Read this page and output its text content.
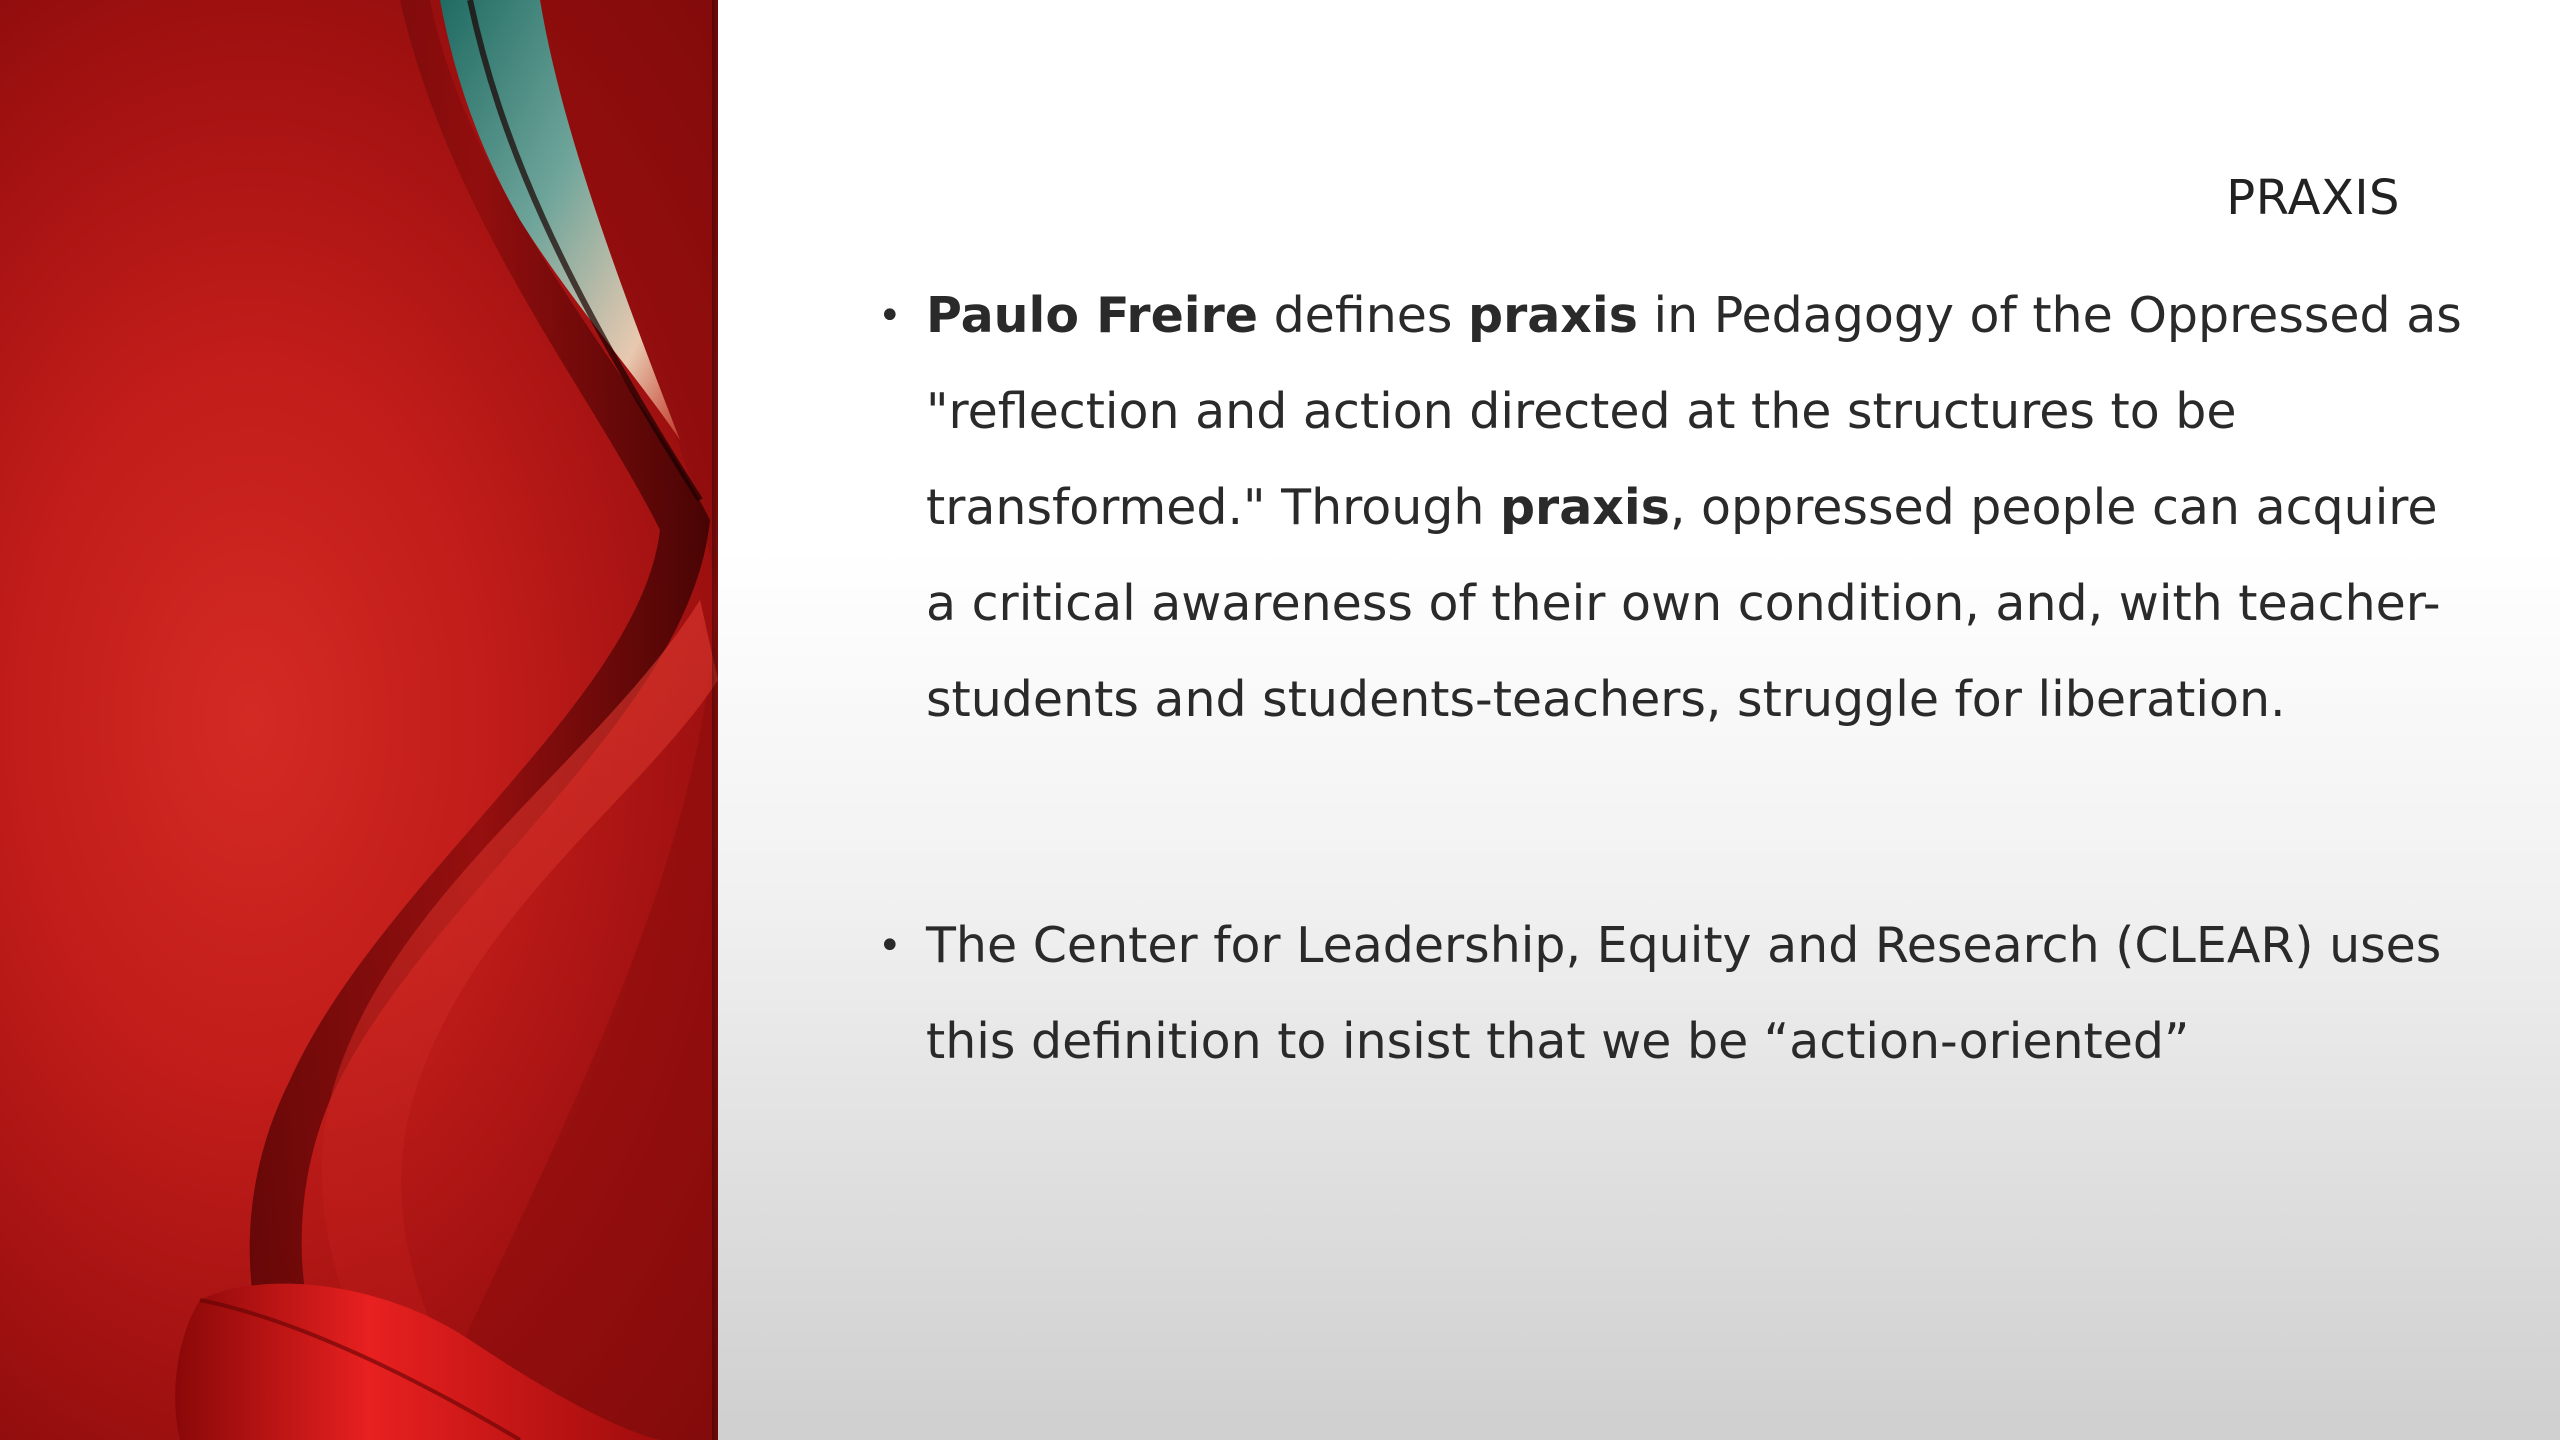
PRAXIS
• Paulo Freire defines praxis in Pedagogy of the Oppressed as "reflection and action directed at the structures to be transformed." Through praxis, oppressed people can acquire a critical awareness of their own condition, and, with teacher-students and students-teachers, struggle for liberation.
• The Center for Leadership, Equity and Research (CLEAR) uses this definition to insist that we be “action-oriented”
